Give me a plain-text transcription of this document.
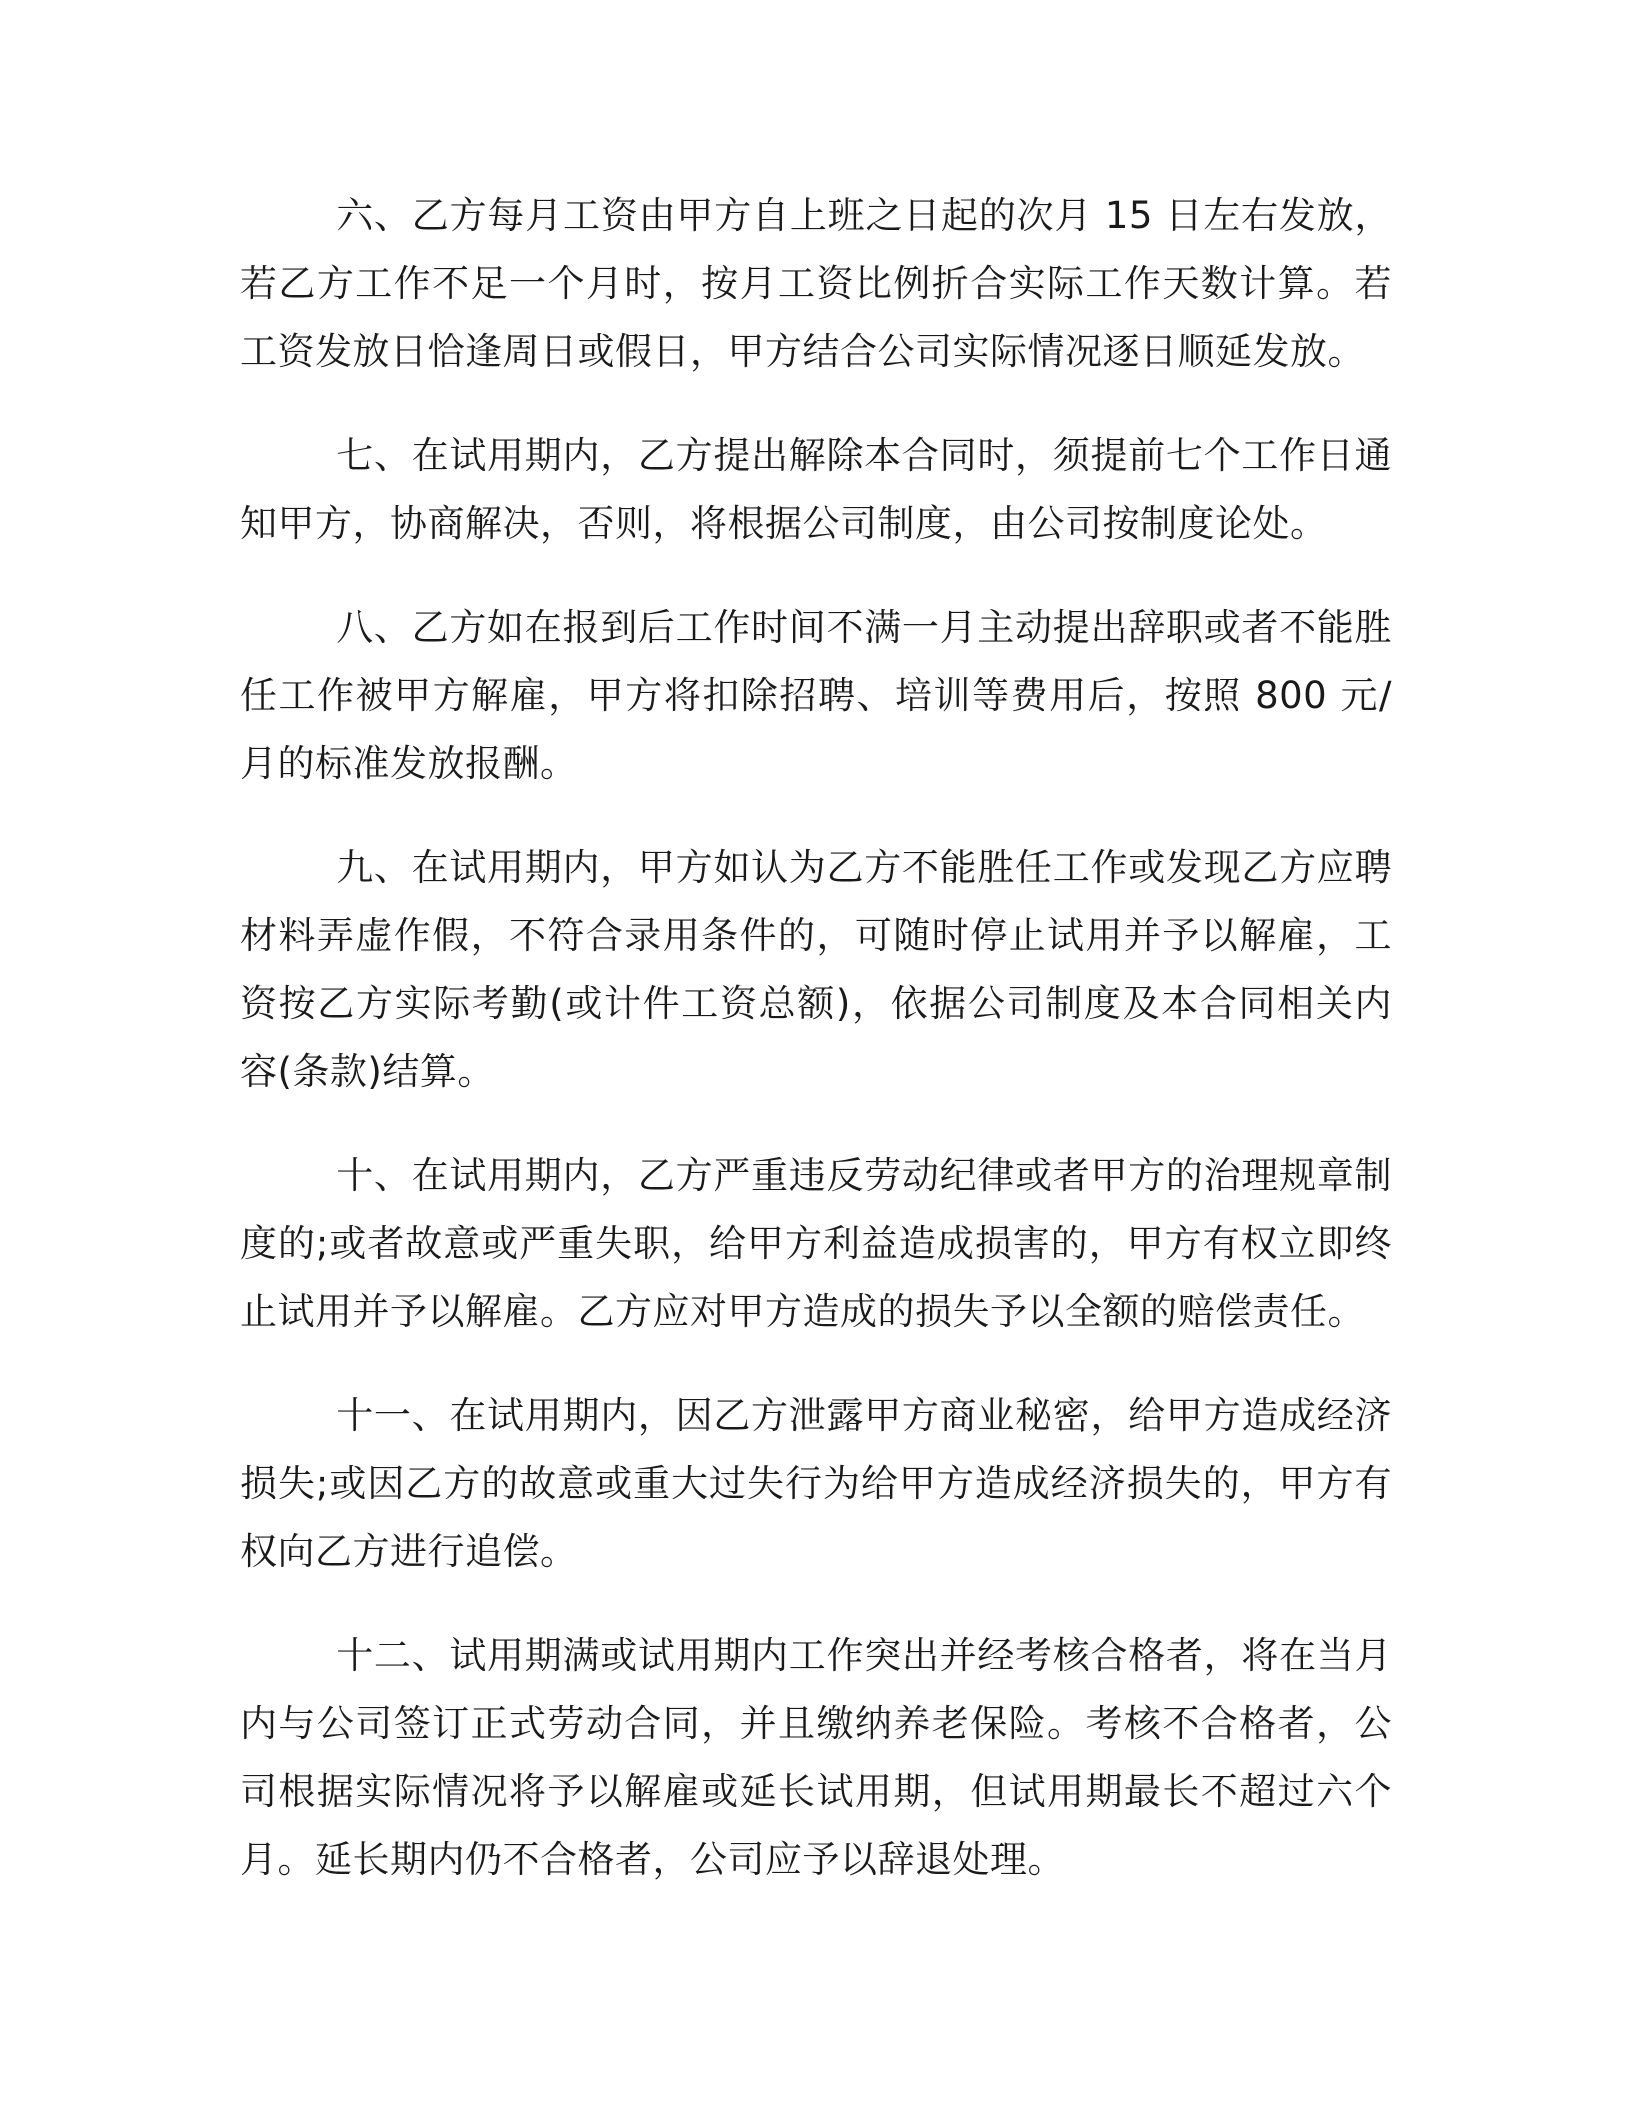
六、乙方每月工资由甲方自上班之日起的次月 15 日左右发放，若乙方工作不足一个月时，按月工资比例折合实际工作天数计算。若工资发放日恰逢周日或假日，甲方结合公司实际情况逐日顺延发放。

七、在试用期内，乙方提出解除本合同时，须提前七个工作日通知甲方，协商解决，否则，将根据公司制度，由公司按制度论处。

八、乙方如在报到后工作时间不满一月主动提出辞职或者不能胜任工作被甲方解雇，甲方将扣除招聘、培训等费用后，按照 800 元/月的标准发放报酬。

九、在试用期内，甲方如认为乙方不能胜任工作或发现乙方应聘材料弄虚作假，不符合录用条件的，可随时停止试用并予以解雇，工资按乙方实际考勤(或计件工资总额)，依据公司制度及本合同相关内容(条款)结算。

十、在试用期内，乙方严重违反劳动纪律或者甲方的治理规章制度的;或者故意或严重失职，给甲方利益造成损害的，甲方有权立即终止试用并予以解雇。乙方应对甲方造成的损失予以全额的赔偿责任。

十一、在试用期内，因乙方泄露甲方商业秘密，给甲方造成经济损失;或因乙方的故意或重大过失行为给甲方造成经济损失的，甲方有权向乙方进行追偿。

十二、试用期满或试用期内工作突出并经考核合格者，将在当月内与公司签订正式劳动合同，并且缴纳养老保险。考核不合格者，公司根据实际情况将予以解雇或延长试用期，但试用期最长不超过六个月。延长期内仍不合格者，公司应予以辞退处理。
